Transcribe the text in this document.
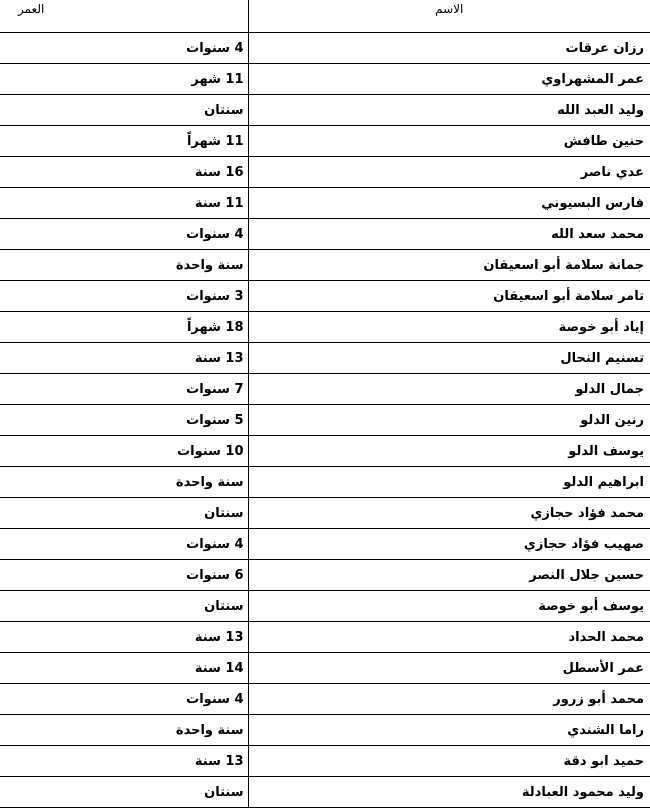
الاسم	العمر
رزان عرقات	4 سنوات
عمر المشهراوي	11 شهر
وليد العبد الله	سنتان
حنين طافش	11 شهراً
عدي ناصر	16 سنة
فارس البسيوني	11 سنة
محمد سعد الله	4 سنوات
جمانة سلامة أبو اسعيقان	سنة واحدة
تامر سلامة أبو اسعيقان	3 سنوات
إياد أبو خوصة	18 شهراً
تسنيم النحال	13 سنة
جمال الدلو	7 سنوات
رنين الدلو	5 سنوات
يوسف الدلو	10 سنوات
ابراهيم الدلو	سنة واحدة
محمد فؤاد حجازي	سنتان
صهيب فؤاد حجازي	4 سنوات
حسين جلال النصر	6 سنوات
يوسف أبو خوصة	سنتان
محمد الحداد	13 سنة
عمر الأسطل	14 سنة
محمد أبو زرور	4 سنوات
راما الشندي	سنة واحدة
حميد ابو دقة	13 سنة
وليد محمود العبادلة	سنتان
